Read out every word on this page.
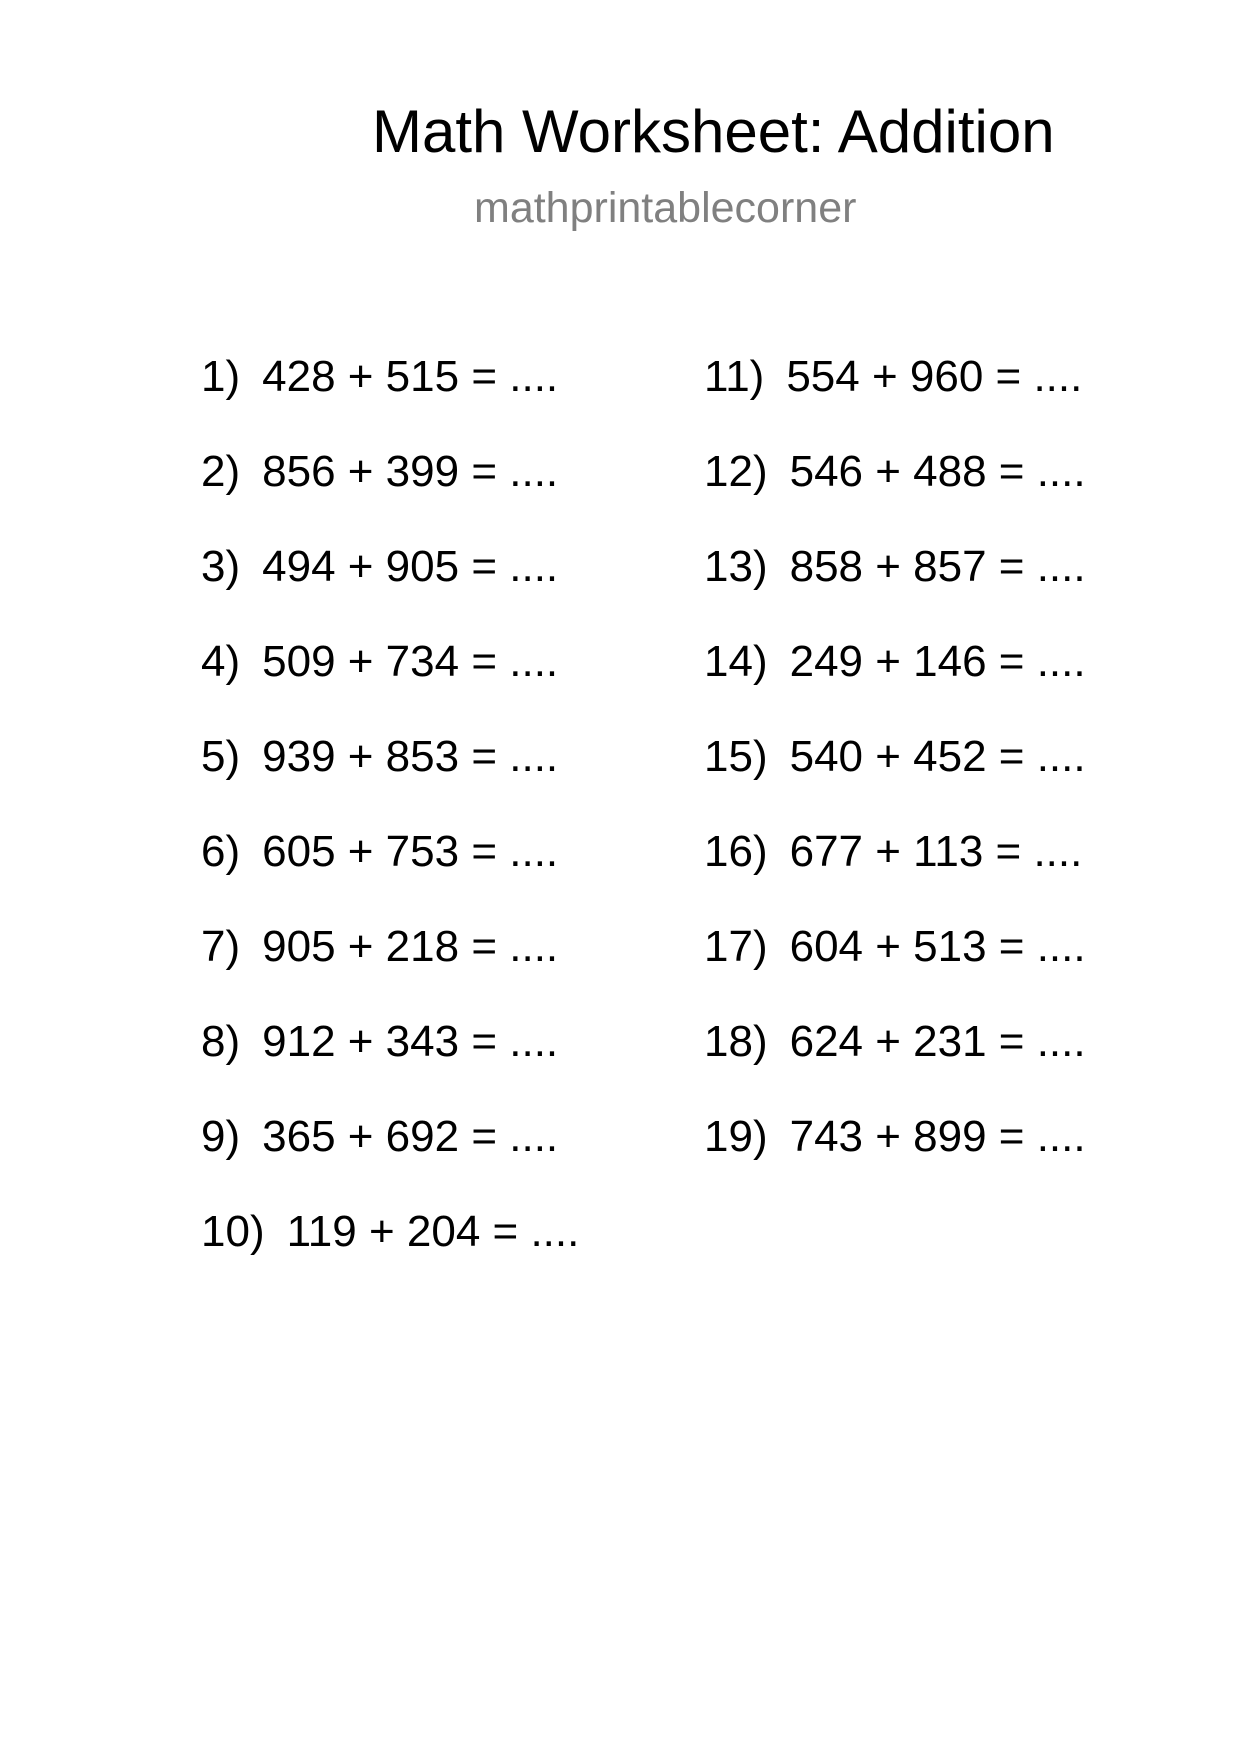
Math Worksheet: Addition
mathprintablecorner
1) 428 + 515 = ....
2) 856 + 399 = ....
3) 494 + 905 = ....
4) 509 + 734 = ....
5) 939 + 853 = ....
6) 605 + 753 = ....
7) 905 + 218 = ....
8) 912 + 343 = ....
9) 365 + 692 = ....
10) 119 + 204 = ....
11) 554 + 960 = ....
12) 546 + 488 = ....
13) 858 + 857 = ....
14) 249 + 146 = ....
15) 540 + 452 = ....
16) 677 + 113 = ....
17) 604 + 513 = ....
18) 624 + 231 = ....
19) 743 + 899 = ....
